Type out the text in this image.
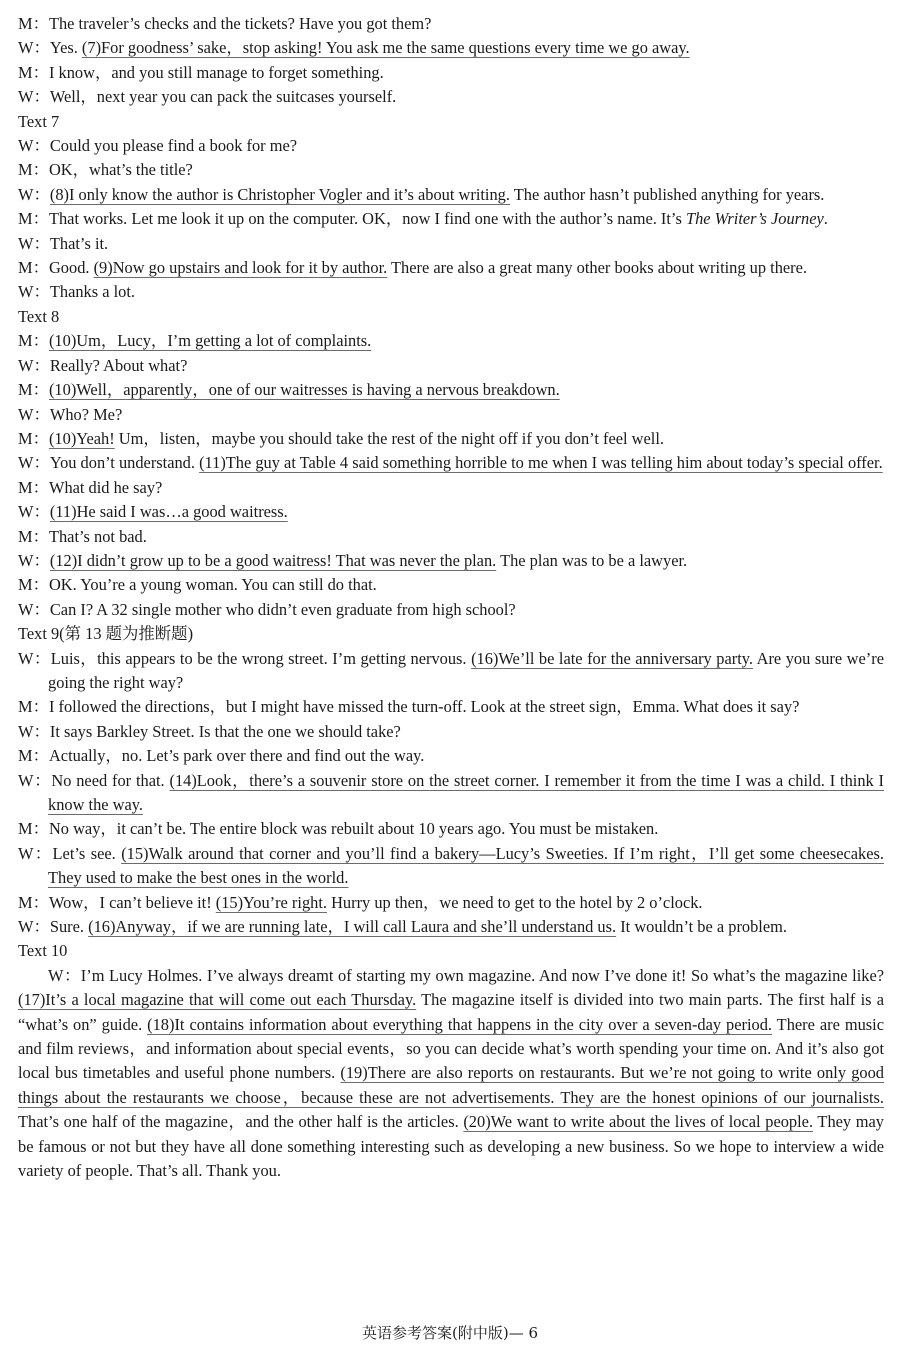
M：The traveler’s checks and the tickets? Have you got them?
W：Yes. (7)For goodness’ sake，stop asking! You ask me the same questions every time we go away.
M：I know，and you still manage to forget something.
W：Well，next year you can pack the suitcases yourself.
Text 7
W：Could you please find a book for me?
M：OK，what’s the title?
W：(8)I only know the author is Christopher Vogler and it’s about writing. The author hasn’t published anything for years.
M：That works. Let me look it up on the computer. OK，now I find one with the author’s name. It’s The Writer’s Journey.
W：That’s it.
M：Good. (9)Now go upstairs and look for it by author. There are also a great many other books about writing up there.
W：Thanks a lot.
Text 8
M：(10)Um，Lucy，I’m getting a lot of complaints.
W：Really? About what?
M：(10)Well，apparently，one of our waitresses is having a nervous breakdown.
W：Who? Me?
M：(10)Yeah! Um，listen，maybe you should take the rest of the night off if you don’t feel well.
W：You don’t understand. (11)The guy at Table 4 said something horrible to me when I was telling him about today’s special offer.
M：What did he say?
W：(11)He said I was…a good waitress.
M：That’s not bad.
W：(12)I didn’t grow up to be a good waitress! That was never the plan. The plan was to be a lawyer.
M：OK. You’re a young woman. You can still do that.
W：Can I? A 32 single mother who didn’t even graduate from high school?
Text 9(第 13 题为推断题)
W：Luis，this appears to be the wrong street. I’m getting nervous. (16)We’ll be late for the anniversary party. Are you sure we’re going the right way?
M：I followed the directions，but I might have missed the turn-off. Look at the street sign，Emma. What does it say?
W：It says Barkley Street. Is that the one we should take?
M：Actually，no. Let’s park over there and find out the way.
W：No need for that. (14)Look，there’s a souvenir store on the street corner. I remember it from the time I was a child. I think I know the way.
M：No way，it can’t be. The entire block was rebuilt about 10 years ago. You must be mistaken.
W：Let’s see. (15)Walk around that corner and you’ll find a bakery—Lucy’s Sweeties. If I’m right，I’ll get some cheesecakes. They used to make the best ones in the world.
M：Wow，I can’t believe it! (15)You’re right. Hurry up then，we need to get to the hotel by 2 o’clock.
W：Sure. (16)Anyway，if we are running late，I will call Laura and she’ll understand us. It wouldn’t be a problem.
Text 10
W：I’m Lucy Holmes. I’ve always dreamt of starting my own magazine. And now I’ve done it! So what’s the magazine like? (17)It’s a local magazine that will come out each Thursday. The magazine itself is divided into two main parts. The first half is a “what’s on” guide. (18)It contains information about everything that happens in the city over a seven-day period. There are music and film reviews，and information about special events，so you can decide what’s worth spending your time on. And it’s also got local bus timetables and useful phone numbers. (19)There are also reports on restaurants. But we’re not going to write only good things about the restaurants we choose，because these are not advertisements. They are the honest opinions of our journalists. That’s one half of the magazine，and the other half is the articles. (20)We want to write about the lives of local people. They may be famous or not but they have all done something interesting such as developing a new business. So we hope to interview a wide variety of people. That’s all. Thank you.
英语参考答案(附中版)— 6
